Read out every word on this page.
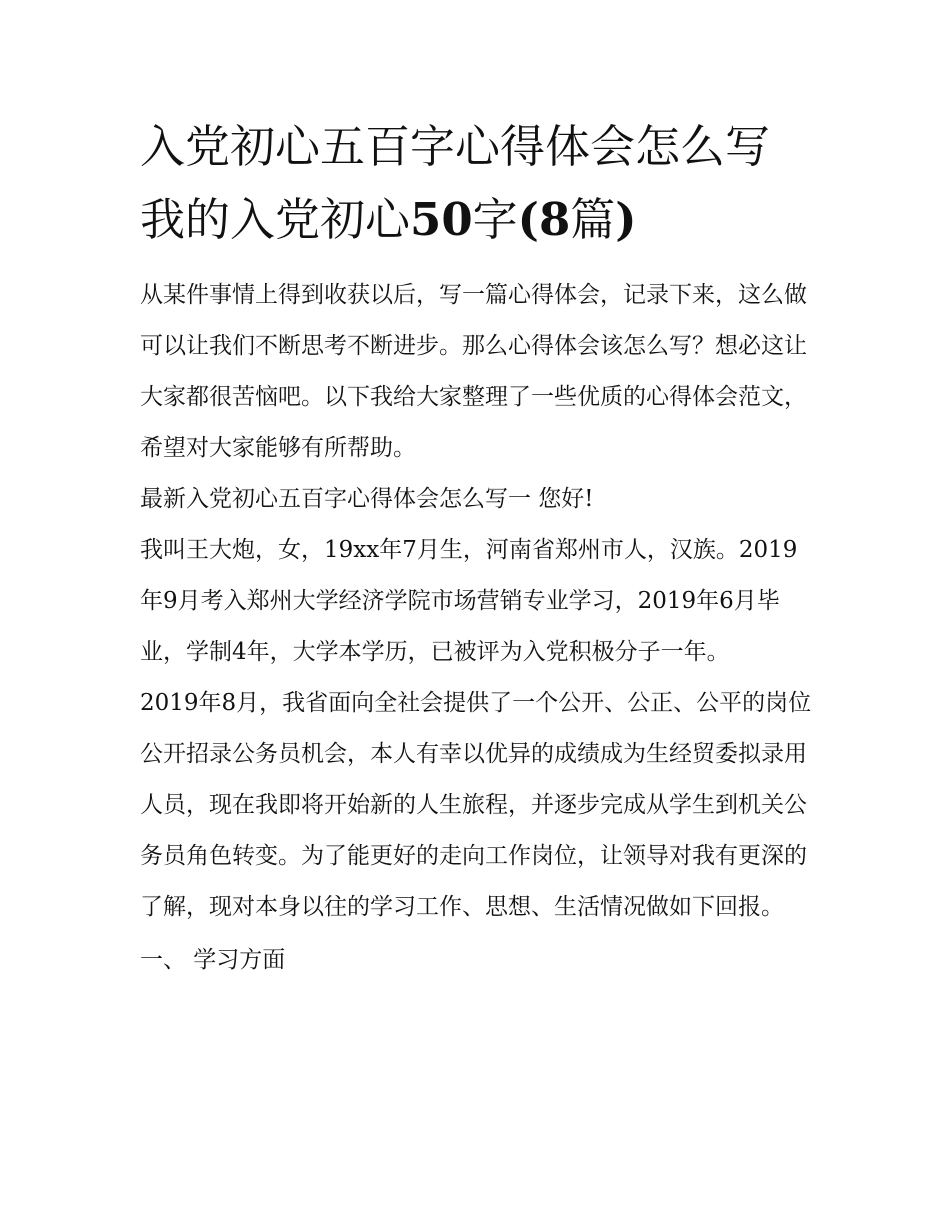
入党初心五百字心得体会怎么写 我的入党初心50字(8篇)

从某件事情上得到收获以后，写一篇心得体会，记录下来，这么做可以让我们不断思考不断进步。那么心得体会该怎么写？想必这让大家都很苦恼吧。以下我给大家整理了一些优质的心得体会范文，希望对大家能够有所帮助。

最新入党初心五百字心得体会怎么写一 您好!

我叫王大炮，女，19xx年7月生，河南省郑州市人，汉族。2019年9月考入郑州大学经济学院市场营销专业学习，2019年6月毕业，学制4年，大学本学历，已被评为入党积极分子一年。

2019年8月，我省面向全社会提供了一个公开、公正、公平的岗位公开招录公务员机会，本人有幸以优异的成绩成为生经贸委拟录用人员，现在我即将开始新的人生旅程，并逐步完成从学生到机关公务员角色转变。为了能更好的走向工作岗位，让领导对我有更深的了解，现对本身以往的学习工作、思想、生活情况做如下回报。

一、 学习方面
